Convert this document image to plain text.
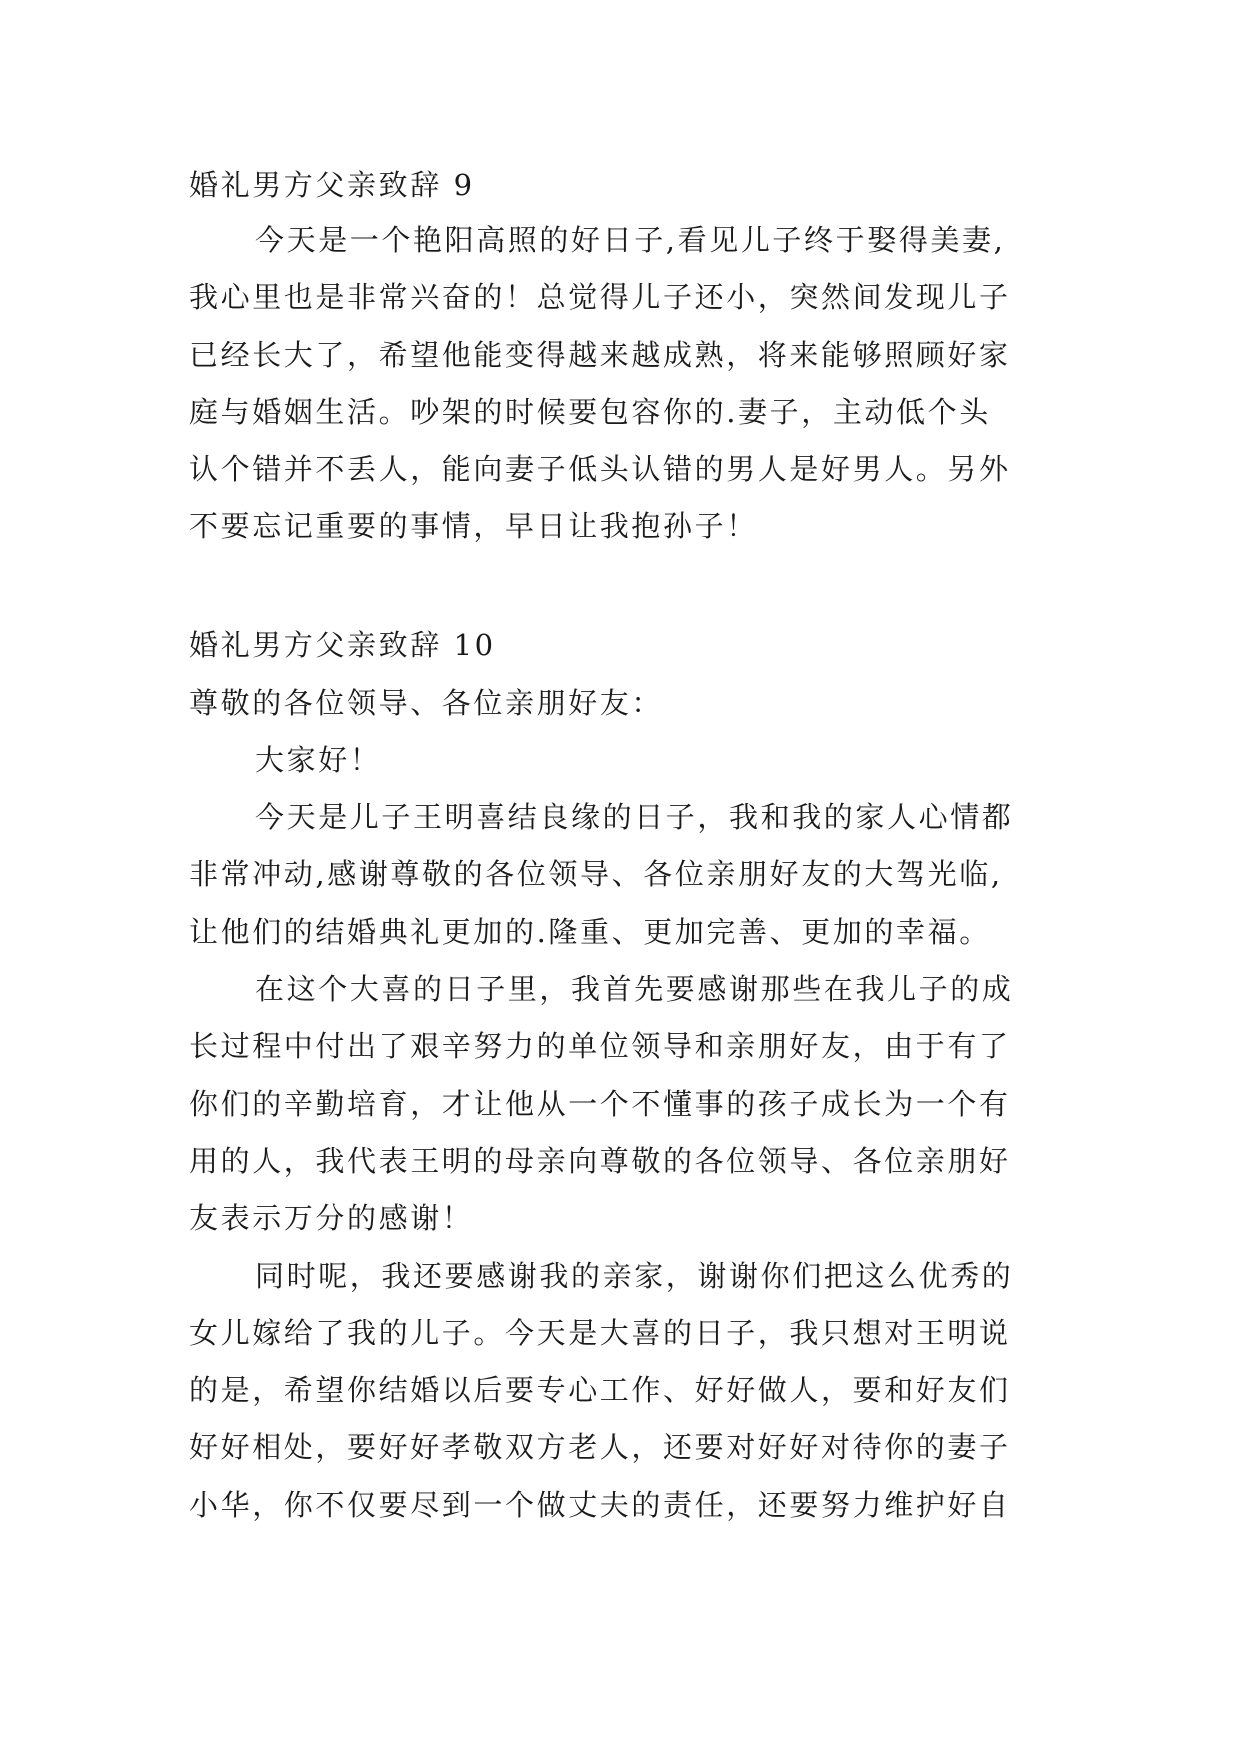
婚礼男方父亲致辞 9
今天是一个艳阳高照的好日子,看见儿子终于娶得美妻,
我心里也是非常兴奋的！总觉得儿子还小，突然间发现儿子
已经长大了，希望他能变得越来越成熟，将来能够照顾好家
庭与婚姻生活。吵架的时候要包容你的.妻子，主动低个头
认个错并不丢人，能向妻子低头认错的男人是好男人。另外
不要忘记重要的事情，早日让我抱孙子！
婚礼男方父亲致辞 10
尊敬的各位领导、各位亲朋好友：
大家好！
今天是儿子王明喜结良缘的日子，我和我的家人心情都
非常冲动,感谢尊敬的各位领导、各位亲朋好友的大驾光临,
让他们的结婚典礼更加的.隆重、更加完善、更加的幸福。
在这个大喜的日子里，我首先要感谢那些在我儿子的成
长过程中付出了艰辛努力的单位领导和亲朋好友，由于有了
你们的辛勤培育，才让他从一个不懂事的孩子成长为一个有
用的人，我代表王明的母亲向尊敬的各位领导、各位亲朋好
友表示万分的感谢！
同时呢，我还要感谢我的亲家，谢谢你们把这么优秀的
女儿嫁给了我的儿子。今天是大喜的日子，我只想对王明说
的是，希望你结婚以后要专心工作、好好做人，要和好友们
好好相处，要好好孝敬双方老人，还要对好好对待你的妻子
小华，你不仅要尽到一个做丈夫的责任，还要努力维护好自
